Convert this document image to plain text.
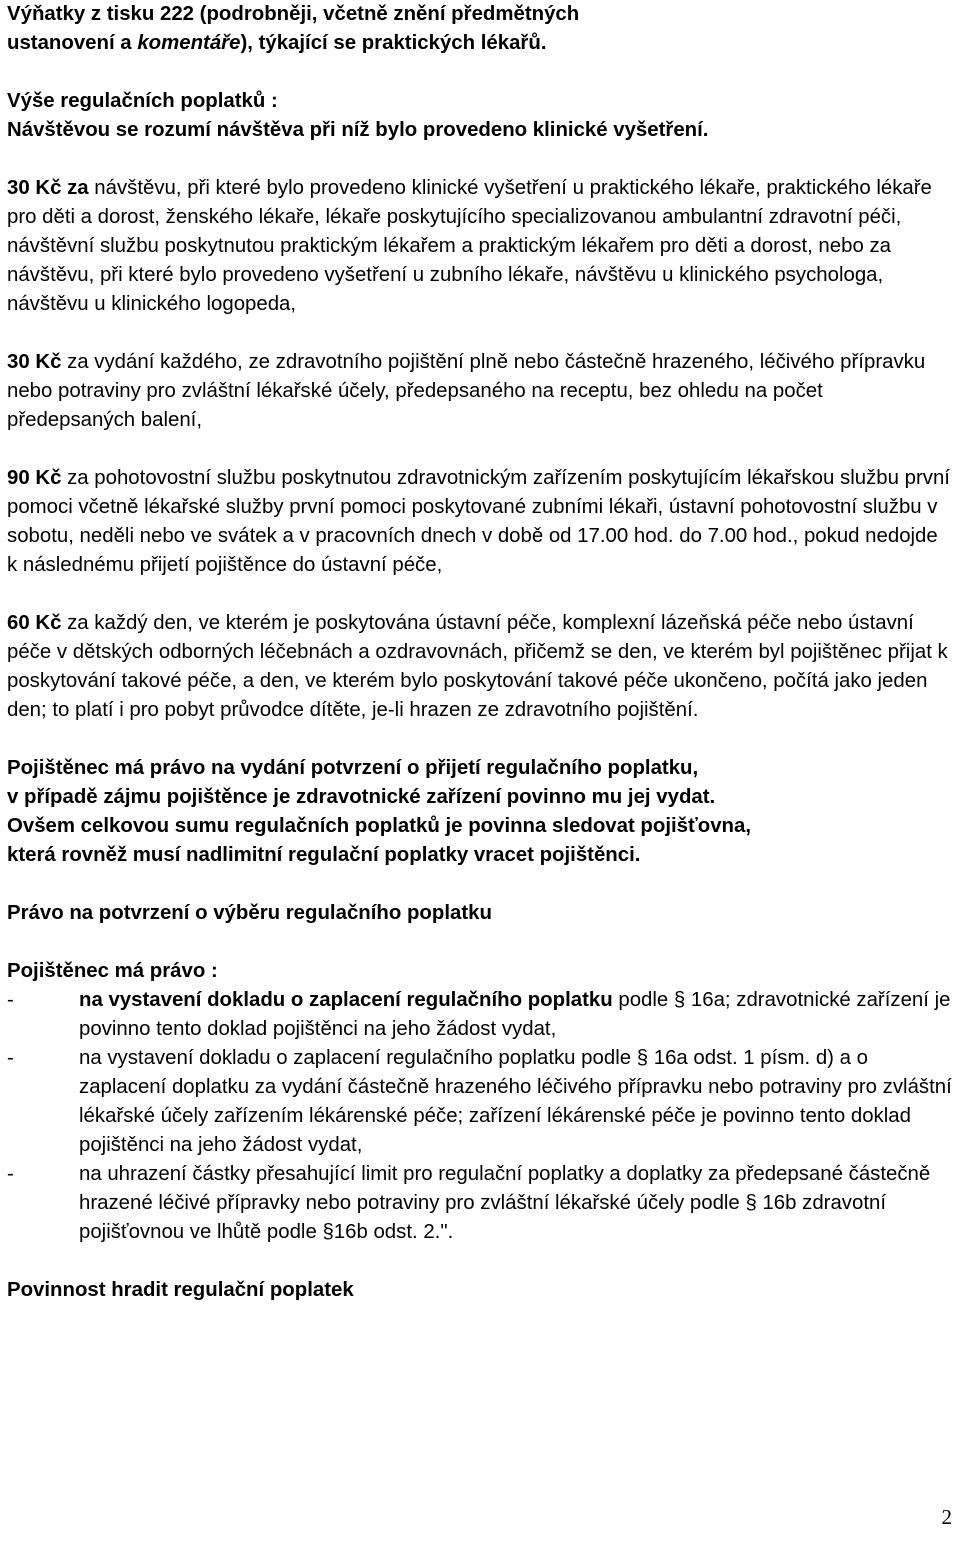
Výňatky z tisku 222 (podrobněji, včetně znění předmětných
ustanovení a komentáře), týkající se praktických lékařů.

Výše regulačních poplatků :

Návštěvou se rozumí návštěva při níž bylo provedeno klinické vyšetření.

30 Kč za návštěvu, při které bylo provedeno klinické vyšetření u praktického lékaře, praktického lékaře pro děti a dorost, ženského lékaře, lékaře poskytujícího specializovanou ambulantní zdravotní péči, návštěvní službu poskytnutou praktickým lékařem a praktickým lékařem pro děti a dorost, nebo za návštěvu, při které bylo provedeno vyšetření u zubního lékaře, návštěvu u klinického psychologa, návštěvu u klinického logopeda,

30 Kč za vydání každého, ze zdravotního pojištění plně nebo částečně hrazeného, léčivého přípravku nebo potraviny pro zvláštní lékařské účely, předepsaného na receptu, bez ohledu na počet předepsaných balení,

90 Kč za pohotovostní službu poskytnutou zdravotnickým zařízením poskytujícím lékařskou službu první pomoci včetně lékařské služby první pomoci poskytované zubními lékaři, ústavní pohotovostní službu v sobotu, neděli nebo ve svátek a v pracovních dnech v době od 17.00 hod. do 7.00 hod., pokud nedojde k následnému přijetí pojištěnce do ústavní péče,

60 Kč za každý den, ve kterém je poskytována ústavní péče, komplexní lázeňská péče nebo ústavní péče v dětských odborných léčebnách a ozdravovnách, přičemž se den, ve kterém byl pojištěnec přijat k poskytování takové péče, a den, ve kterém bylo poskytování takové péče ukončeno, počítá jako jeden den; to platí i pro pobyt průvodce dítěte, je-li hrazen ze zdravotního pojištění.

Pojištěnec má právo na vydání potvrzení o přijetí regulačního poplatku,
v případě zájmu pojištěnce je zdravotnické zařízení povinno mu jej vydat.
Ovšem celkovou sumu regulačních poplatků je povinna sledovat pojišťovna,
která rovněž musí nadlimitní regulační poplatky vracet pojištěnci.

Právo na potvrzení o výběru regulačního poplatku

Pojištěnec má právo :

-	na vystavení dokladu o zaplacení regulačního poplatku podle § 16a; zdravotnické zařízení je povinno tento doklad pojištěnci na jeho žádost vydat,
-	na vystavení dokladu o zaplacení regulačního poplatku podle § 16a odst. 1 písm. d) a o zaplacení doplatku za vydání částečně hrazeného léčivého přípravku nebo potraviny pro zvláštní lékařské účely zařízením lékárenské péče; zařízení lékárenské péče je povinno tento doklad pojištěnci na jeho žádost vydat,
-	na uhrazení částky přesahující limit pro regulační poplatky a doplatky za předepsané částečně hrazené léčivé přípravky nebo potraviny pro zvláštní lékařské účely podle § 16b zdravotní pojišťovnou ve lhůtě podle §16b odst. 2.".

Povinnost hradit regulační poplatek

2
